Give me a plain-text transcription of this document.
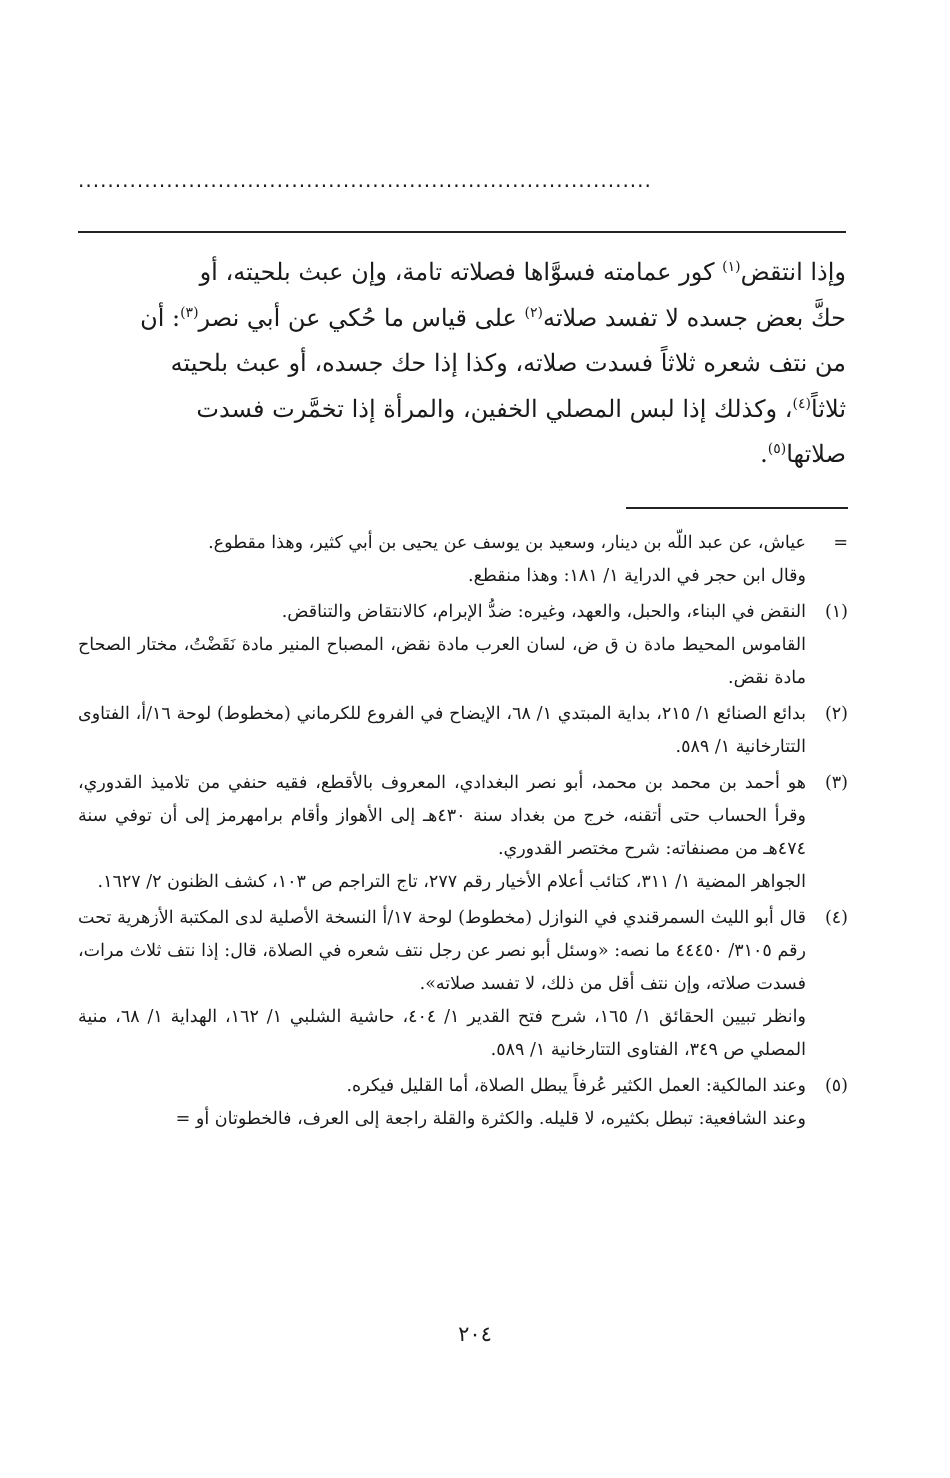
..............................................................................

وإذا انتقض$^{(١)}$ كور عمامته فسوَّاها فصلاته تامة، وإن عبث بلحيته، أو

حكَّ بعض جسده لا تفسد صلاته$^{(٢)}$ على قياس ما حُكي عن أبي نصر$^{(٣)}$: أن

من نتف شعره ثلاثاً فسدت صلاته، وكذا إذا حك جسده، أو عبث بلحيته

ثلاثاً$^{(٤)}$، وكذلك إذا لبس المصلي الخفين، والمرأة إذا تخمَّرت فسدت

صلاتها$^{(٥)}$.

=

عياش، عن عبد اللّه بن دينار، وسعيد بن يوسف عن يحيى بن أبي كثير، وهذا مقطوع.

وقال ابن حجر في الدراية ١/ ١٨١: وهذا منقطع.

(١)

النقض في البناء، والحبل، والعهد، وغيره: ضدُّ الإبرام، كالانتقاض والتناقض.

القاموس المحيط مادة ن ق ض، لسان العرب مادة نقض، المصباح المنير مادة نَقَضْتُ، مختار الصحاح مادة نقض.

(٢)

بدائع الصنائع ١/ ٢١٥، بداية المبتدي ١/ ٦٨، الإيضاح في الفروع للكرماني (مخطوط) لوحة ١٦/أ، الفتاوى التتارخانية ١/ ٥٨٩.

(٣)

هو أحمد بن محمد بن محمد، أبو نصر البغدادي، المعروف بالأقطع، فقيه حنفي من تلاميذ القدوري، وقرأ الحساب حتى أتقنه، خرج من بغداد سنة ٤٣٠هـ إلى الأهواز وأقام برامهرمز إلى أن توفي سنة ٤٧٤هـ من مصنفاته: شرح مختصر القدوري.

الجواهر المضية ١/ ٣١١، كتائب أعلام الأخيار رقم ٢٧٧، تاج التراجم ص ١٠٣، كشف الظنون ٢/ ١٦٢٧.

(٤)

قال أبو الليث السمرقندي في النوازل (مخطوط) لوحة ١٧/أ النسخة الأصلية لدى المكتبة الأزهرية تحت رقم ٣١٠٥/ ٤٤٤٥٠ ما نصه: «وسئل أبو نصر عن رجل نتف شعره في الصلاة، قال: إذا نتف ثلاث مرات، فسدت صلاته، وإن نتف أقل من ذلك، لا تفسد صلاته».

وانظر تبيين الحقائق ١/ ١٦٥، شرح فتح القدير ١/ ٤٠٤، حاشية الشلبي ١/ ١٦٢، الهداية ١/ ٦٨، منية المصلي ص ٣٤٩، الفتاوى التتارخانية ١/ ٥٨٩.

(٥)

وعند المالكية: العمل الكثير عُرفاً يبطل الصلاة، أما القليل فيكره.

وعند الشافعية: تبطل بكثيره، لا قليله. والكثرة والقلة راجعة إلى العرف، فالخطوتان أو =

٢٠٤
